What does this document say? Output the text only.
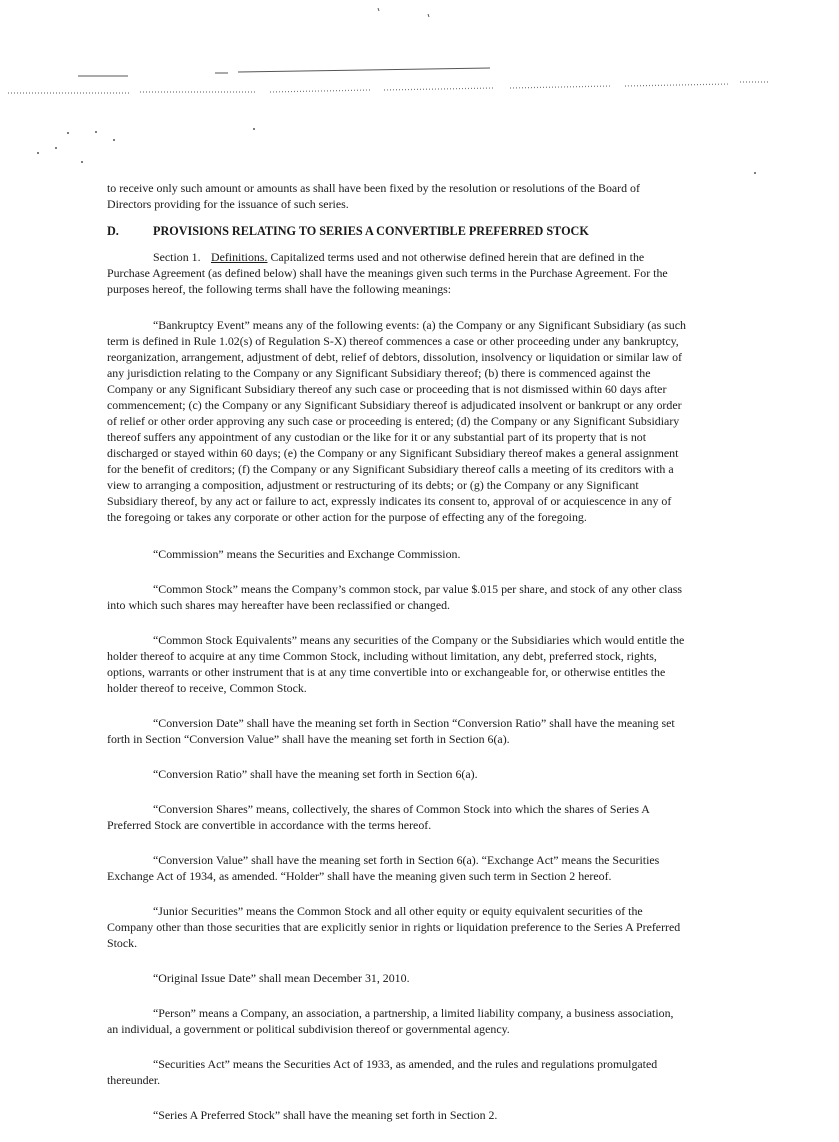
to receive only such amount or amounts as shall have been fixed by the resolution or resolutions of the Board of Directors providing for the issuance of such series.

D.	PROVISIONS RELATING TO SERIES A CONVERTIBLE PREFERRED STOCK

Section 1. Definitions. Capitalized terms used and not otherwise defined herein that are defined in the Purchase Agreement (as defined below) shall have the meanings given such terms in the Purchase Agreement. For the purposes hereof, the following terms shall have the following meanings:

“Bankruptcy Event” means any of the following events: (a) the Company or any Significant Subsidiary (as such term is defined in Rule 1.02(s) of Regulation S-X) thereof commences a case or other proceeding under any bankruptcy, reorganization, arrangement, adjustment of debt, relief of debtors, dissolution, insolvency or liquidation or similar law of any jurisdiction relating to the Company or any Significant Subsidiary thereof; (b) there is commenced against the Company or any Significant Subsidiary thereof any such case or proceeding that is not dismissed within 60 days after commencement; (c) the Company or any Significant Subsidiary thereof is adjudicated insolvent or bankrupt or any order of relief or other order approving any such case or proceeding is entered; (d) the Company or any Significant Subsidiary thereof suffers any appointment of any custodian or the like for it or any substantial part of its property that is not discharged or stayed within 60 days; (e) the Company or any Significant Subsidiary thereof makes a general assignment for the benefit of creditors; (f) the Company or any Significant Subsidiary thereof calls a meeting of its creditors with a view to arranging a composition, adjustment or restructuring of its debts; or (g) the Company or any Significant Subsidiary thereof, by any act or failure to act, expressly indicates its consent to, approval of or acquiescence in any of the foregoing or takes any corporate or other action for the purpose of effecting any of the foregoing.

“Commission” means the Securities and Exchange Commission.

“Common Stock” means the Company’s common stock, par value $.015 per share, and stock of any other class into which such shares may hereafter have been reclassified or changed.

“Common Stock Equivalents” means any securities of the Company or the Subsidiaries which would entitle the holder thereof to acquire at any time Common Stock, including without limitation, any debt, preferred stock, rights, options, warrants or other instrument that is at any time convertible into or exchangeable for, or otherwise entitles the holder thereof to receive, Common Stock.

“Conversion Date” shall have the meaning set forth in Section “Conversion Ratio” shall have the meaning set forth in Section “Conversion Value” shall have the meaning set forth in Section 6(a).

“Conversion Ratio” shall have the meaning set forth in Section 6(a).

“Conversion Shares” means, collectively, the shares of Common Stock into which the shares of Series A Preferred Stock are convertible in accordance with the terms hereof.

“Conversion Value” shall have the meaning set forth in Section 6(a). “Exchange Act” means the Securities Exchange Act of 1934, as amended. “Holder” shall have the meaning given such term in Section 2 hereof.

“Junior Securities” means the Common Stock and all other equity or equity equivalent securities of the Company other than those securities that are explicitly senior in rights or liquidation preference to the Series A Preferred Stock.

“Original Issue Date” shall mean December 31, 2010.

“Person” means a Company, an association, a partnership, a limited liability company, a business association, an individual, a government or political subdivision thereof or governmental agency.

“Securities Act” means the Securities Act of 1933, as amended, and the rules and regulations promulgated thereunder.

“Series A Preferred Stock” shall have the meaning set forth in Section 2.
